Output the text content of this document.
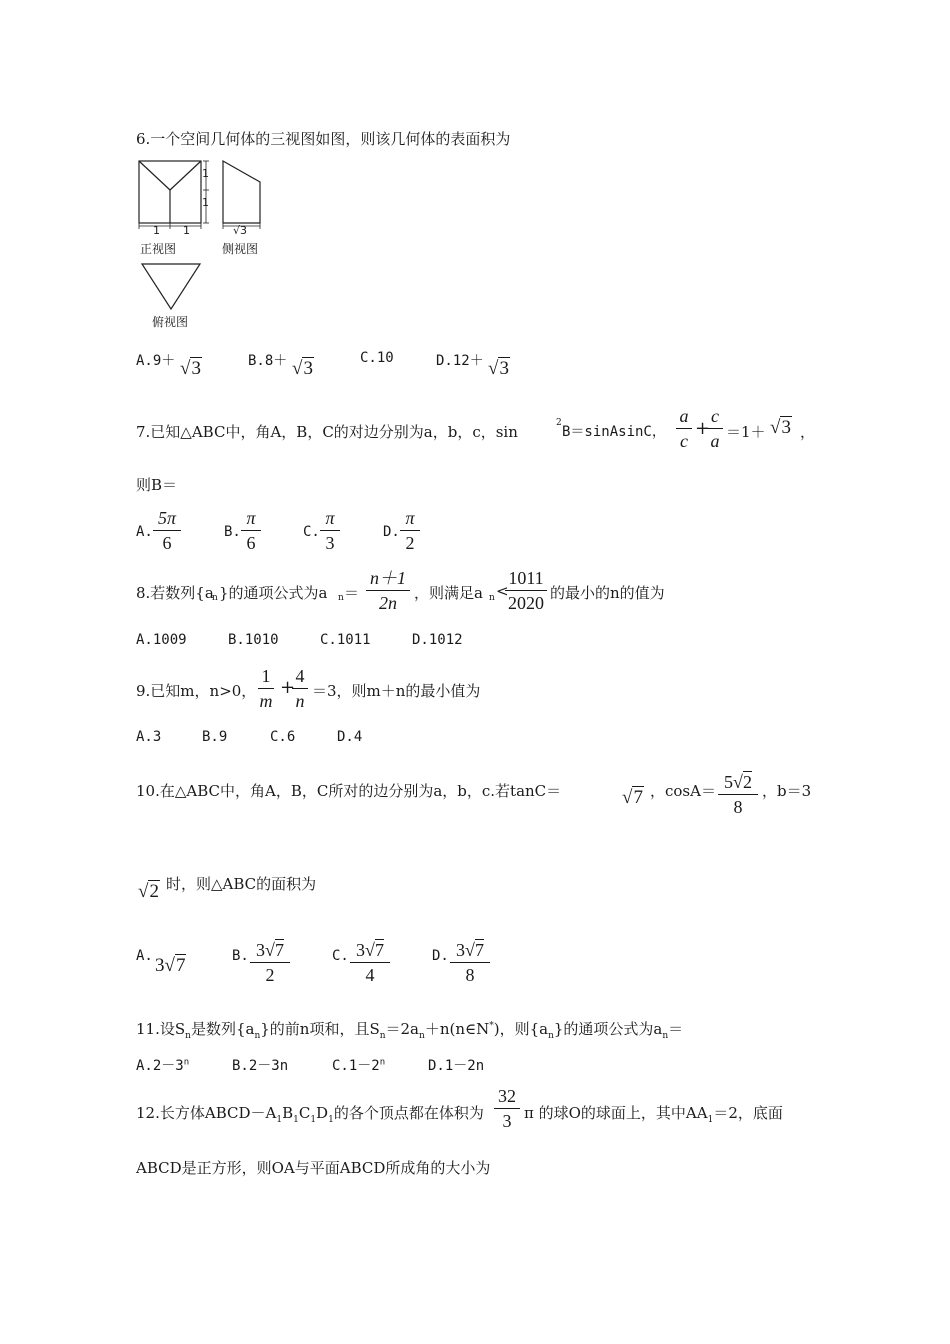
6.一个空间几何体的三视图如图，则该几何体的表面积为
1
1
1 1	√3
正视图	侧视图
俯视图
A.9＋ √3	B.8＋ √3	C.10	D.12＋ √3
7.已知△ABC中，角A，B，C的对边分别为a，b，c，sin	2
B＝sinAsinC，
a
c
+
c
a ＝1＋ √3 ，
则B＝
A.
5π
6
B.
π
6
C.
π
3
D.
π
2
8.若数列{a
n }的通项公式为a n ＝
n＋1
2n	，则满足a n <
1011
2020 的最小的n的值为
A.1009	B.1010	C.1011	D.1012
9.已知m，n>0，
1
m
+
4
n ＝3，则m＋n的最小值为
A.3	B.9	C.6	D.4
10.在△ABC中，角A，B，C所对的边分别为a，b，c.若tanC＝	√7 ，cosA＝ 5√2
8
，b＝3
√2 时，则△ABC的面积为
A. 3√7	B. 3√7
2
C. 3√7
4
D. 3√7
8
11.设$S_n$是数列$\{a_n\}$的前n项和，且$S_n=2a_n+n(n\in N^*)$，则$\{a_n\}$的通项公式为$a_n=$
$A.2-3^n$	B.2－3n	$C.1-2^n$	D.1－2n
12.长方体$ABCD-A_1B_1C_1D_1$的各个顶点都在体积为
32
3 π 的球O的球面上，其中$AA_1=2$，底面
ABCD是正方形，则OA与平面ABCD所成角的大小为
